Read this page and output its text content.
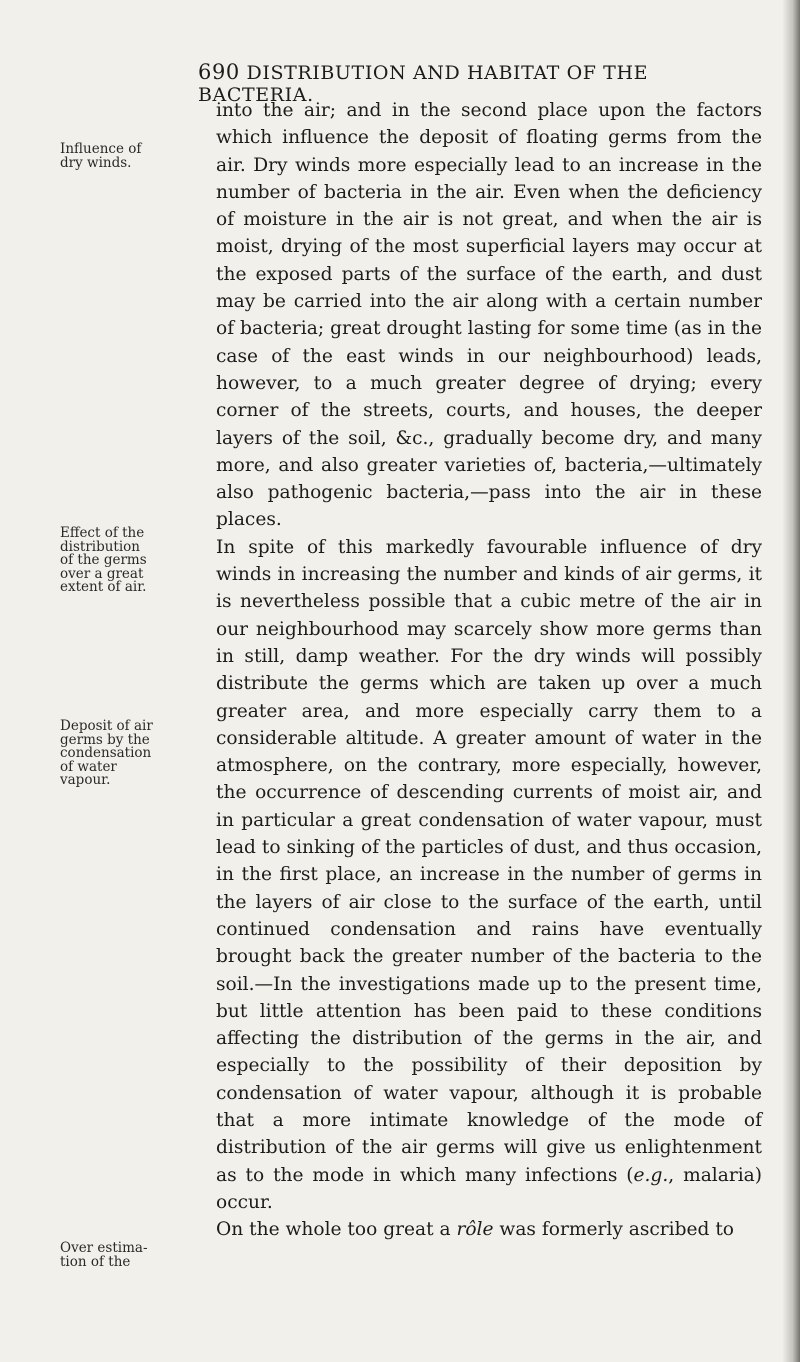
690 DISTRIBUTION AND HABITAT OF THE BACTERIA.
Influence of
dry winds.
Effect of the
distribution
of the germs
over a great
extent of air.
Deposit of air
germs by the
condensation
of water
vapour.
Over estima-
tion of the

into the air; and in the second place upon the factors which influence the deposit of floating germs from the air. Dry winds more especially lead to an increase in the number of bacteria in the air. Even when the deficiency of moisture in the air is not great, and when the air is moist, drying of the most superficial layers may occur at the exposed parts of the surface of the earth, and dust may be carried into the air along with a certain number of bacteria; great drought lasting for some time (as in the case of the east winds in our neighbourhood) leads, however, to a much greater degree of drying; every corner of the streets, courts, and houses, the deeper layers of the soil, &c., gradually become dry, and many more, and also greater varieties of, bacteria,—ultimately also pathogenic bacteria,—pass into the air in these places.

In spite of this markedly favourable influence of dry winds in increasing the number and kinds of air germs, it is nevertheless possible that a cubic metre of the air in our neighbourhood may scarcely show more germs than in still, damp weather. For the dry winds will possibly distribute the germs which are taken up over a much greater area, and more especially carry them to a considerable altitude. A greater amount of water in the atmosphere, on the contrary, more especially, however, the occurrence of descending currents of moist air, and in particular a great condensation of water vapour, must lead to sinking of the particles of dust, and thus occasion, in the first place, an increase in the number of germs in the layers of air close to the surface of the earth, until continued condensation and rains have eventually brought back the greater number of the bacteria to the soil.—In the investigations made up to the present time, but little attention has been paid to these conditions affecting the distribution of the germs in the air, and especially to the possibility of their deposition by condensation of water vapour, although it is probable that a more intimate knowledge of the mode of distribution of the air germs will give us enlightenment as to the mode in which many infections (e.g., malaria) occur.

On the whole too great a rôle was formerly ascribed to
